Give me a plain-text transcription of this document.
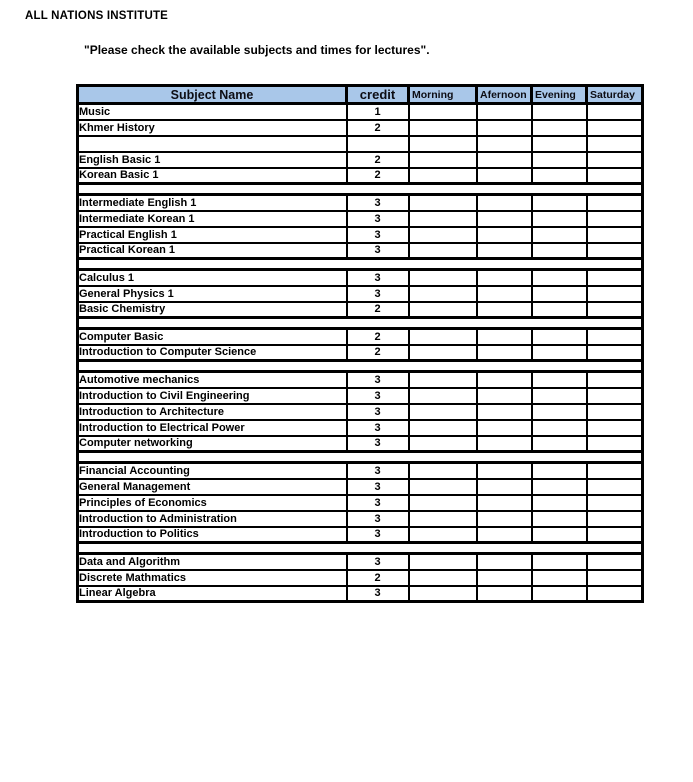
ALL NATIONS INSTITUTE
"Please check the available subjects and times for lectures".
Subject Name	credit	Morning	Afernoon	Evening	Saturday
Music	1				
Khmer History	2				

English Basic 1	2				
Korean Basic 1	2				

Intermediate English 1	3				
Intermediate Korean 1	3				
Practical English 1	3				
Practical Korean 1	3				

Calculus 1	3				
General Physics 1	3				
Basic Chemistry	2				

Computer Basic	2				
Introduction to Computer Science	2				

Automotive mechanics	3				
Introduction to Civil Engineering	3				
Introduction to Architecture	3				
Introduction to Electrical Power	3				
Computer networking	3				

Financial Accounting	3				
General Management	3				
Principles of Economics	3				
Introduction to Administration	3				
Introduction to Politics	3				

Data and Algorithm	3				
Discrete Mathmatics	2				
Linear Algebra	3				
